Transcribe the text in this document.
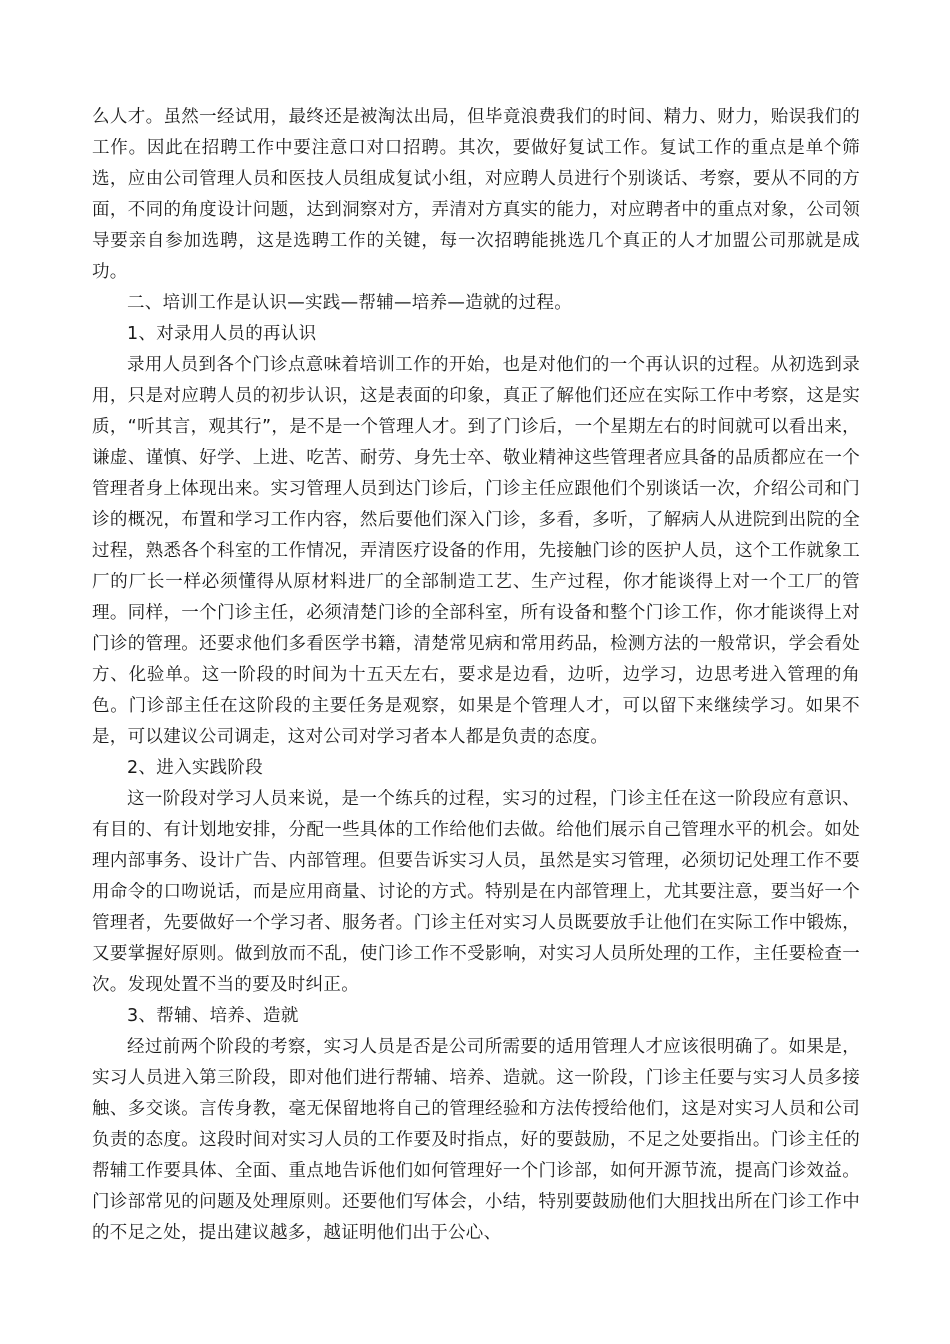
么人才。虽然一经试用，最终还是被淘汰出局，但毕竟浪费我们的时间、精力、财力，贻误我们的工作。因此在招聘工作中要注意口对口招聘。其次，要做好复试工作。复试工作的重点是单个筛选，应由公司管理人员和医技人员组成复试小组，对应聘人员进行个别谈话、考察，要从不同的方面，不同的角度设计问题，达到洞察对方，弄清对方真实的能力，对应聘者中的重点对象，公司领导要亲自参加选聘，这是选聘工作的关键，每一次招聘能挑选几个真正的人才加盟公司那就是成功。

二、培训工作是认识—实践—帮辅—培养—造就的过程。

1、对录用人员的再认识

录用人员到各个门诊点意味着培训工作的开始，也是对他们的一个再认识的过程。从初选到录用，只是对应聘人员的初步认识，这是表面的印象，真正了解他们还应在实际工作中考察，这是实质，“听其言，观其行”，是不是一个管理人才。到了门诊后，一个星期左右的时间就可以看出来，谦虚、谨慎、好学、上进、吃苦、耐劳、身先士卒、敬业精神这些管理者应具备的品质都应在一个管理者身上体现出来。实习管理人员到达门诊后，门诊主任应跟他们个别谈话一次，介绍公司和门诊的概况，布置和学习工作内容，然后要他们深入门诊，多看，多听，了解病人从进院到出院的全过程，熟悉各个科室的工作情况，弄清医疗设备的作用，先接触门诊的医护人员，这个工作就象工厂的厂长一样必须懂得从原材料进厂的全部制造工艺、生产过程，你才能谈得上对一个工厂的管理。同样，一个门诊主任，必须清楚门诊的全部科室，所有设备和整个门诊工作，你才能谈得上对门诊的管理。还要求他们多看医学书籍，清楚常见病和常用药品，检测方法的一般常识，学会看处方、化验单。这一阶段的时间为十五天左右，要求是边看，边听，边学习，边思考进入管理的角色。门诊部主任在这阶段的主要任务是观察，如果是个管理人才，可以留下来继续学习。如果不是，可以建议公司调走，这对公司对学习者本人都是负责的态度。

2、进入实践阶段

这一阶段对学习人员来说，是一个练兵的过程，实习的过程，门诊主任在这一阶段应有意识、有目的、有计划地安排，分配一些具体的工作给他们去做。给他们展示自己管理水平的机会。如处理内部事务、设计广告、内部管理。但要告诉实习人员，虽然是实习管理，必须切记处理工作不要用命令的口吻说话，而是应用商量、讨论的方式。特别是在内部管理上，尤其要注意，要当好一个管理者，先要做好一个学习者、服务者。门诊主任对实习人员既要放手让他们在实际工作中锻炼，又要掌握好原则。做到放而不乱，使门诊工作不受影响，对实习人员所处理的工作，主任要检查一次。发现处置不当的要及时纠正。

3、帮辅、培养、造就

经过前两个阶段的考察，实习人员是否是公司所需要的适用管理人才应该很明确了。如果是，实习人员进入第三阶段，即对他们进行帮辅、培养、造就。这一阶段，门诊主任要与实习人员多接触、多交谈。言传身教，毫无保留地将自己的管理经验和方法传授给他们，这是对实习人员和公司负责的态度。这段时间对实习人员的工作要及时指点，好的要鼓励，不足之处要指出。门诊主任的帮辅工作要具体、全面、重点地告诉他们如何管理好一个门诊部，如何开源节流，提高门诊效益。门诊部常见的问题及处理原则。还要他们写体会，小结，特别要鼓励他们大胆找出所在门诊工作中的不足之处，提出建议越多，越证明他们出于公心、
